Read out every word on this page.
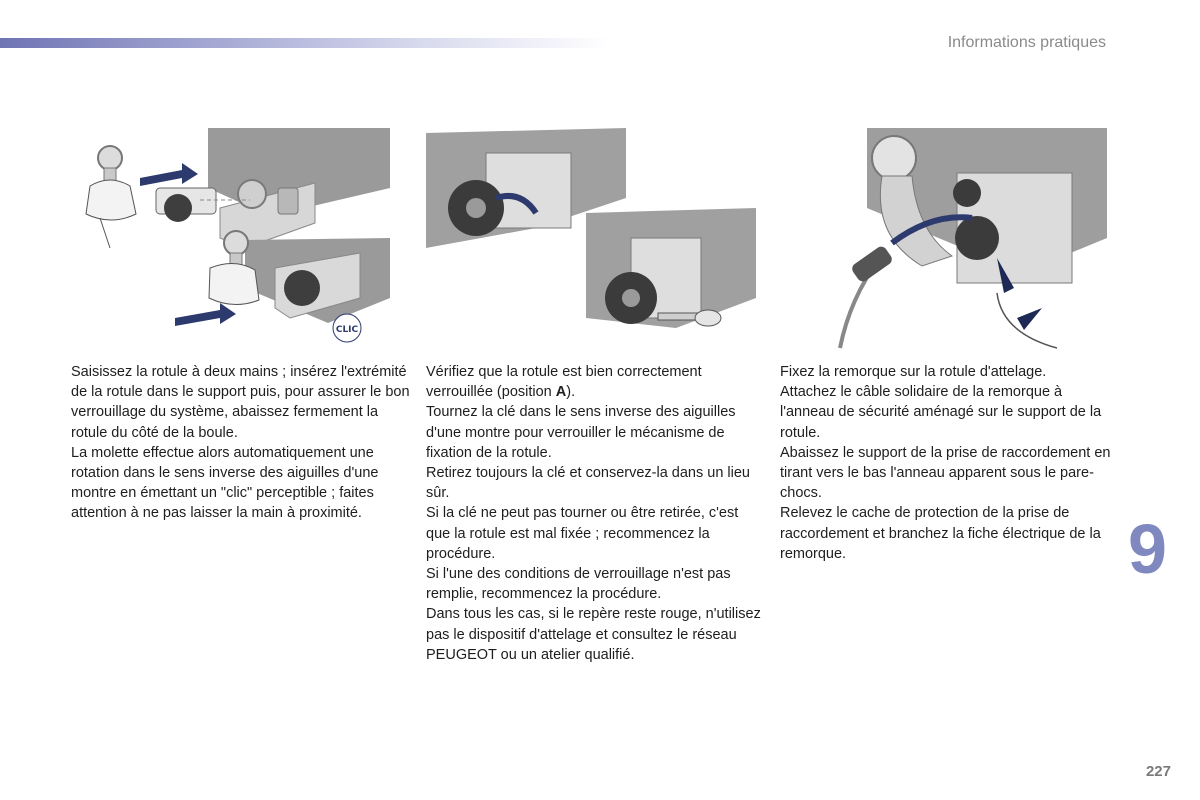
Informations pratiques
CLIC

Saisissez la rotule à deux mains ; insérez l'extrémité de la rotule dans le support puis, pour assurer le bon verrouillage du système, abaissez fermement la rotule du côté de la boule.

La molette effectue alors automatiquement une rotation dans le sens inverse des aiguilles d'une montre en émettant un "clic" perceptible ; faites attention à ne pas laisser la main à proximité.

Vérifiez que la rotule est bien correctement verrouillée (position A).

Tournez la clé dans le sens inverse des aiguilles d'une montre pour verrouiller le mécanisme de fixation de la rotule.

Retirez toujours la clé et conservez-la dans un lieu sûr.

Si la clé ne peut pas tourner ou être retirée, c'est que la rotule est mal fixée ; recommencez la procédure.

Si l'une des conditions de verrouillage n'est pas remplie, recommencez la procédure.

Dans tous les cas, si le repère reste rouge, n'utilisez pas le dispositif d'attelage et consultez le réseau PEUGEOT ou un atelier qualifié.

Fixez la remorque sur la rotule d'attelage.

Attachez le câble solidaire de la remorque à l'anneau de sécurité aménagé sur le support de la rotule.

Abaissez le support de la prise de raccordement en tirant vers le bas l'anneau apparent sous le pare-chocs.

Relevez le cache de protection de la prise de raccordement et branchez la fiche électrique de la remorque.	9
227
